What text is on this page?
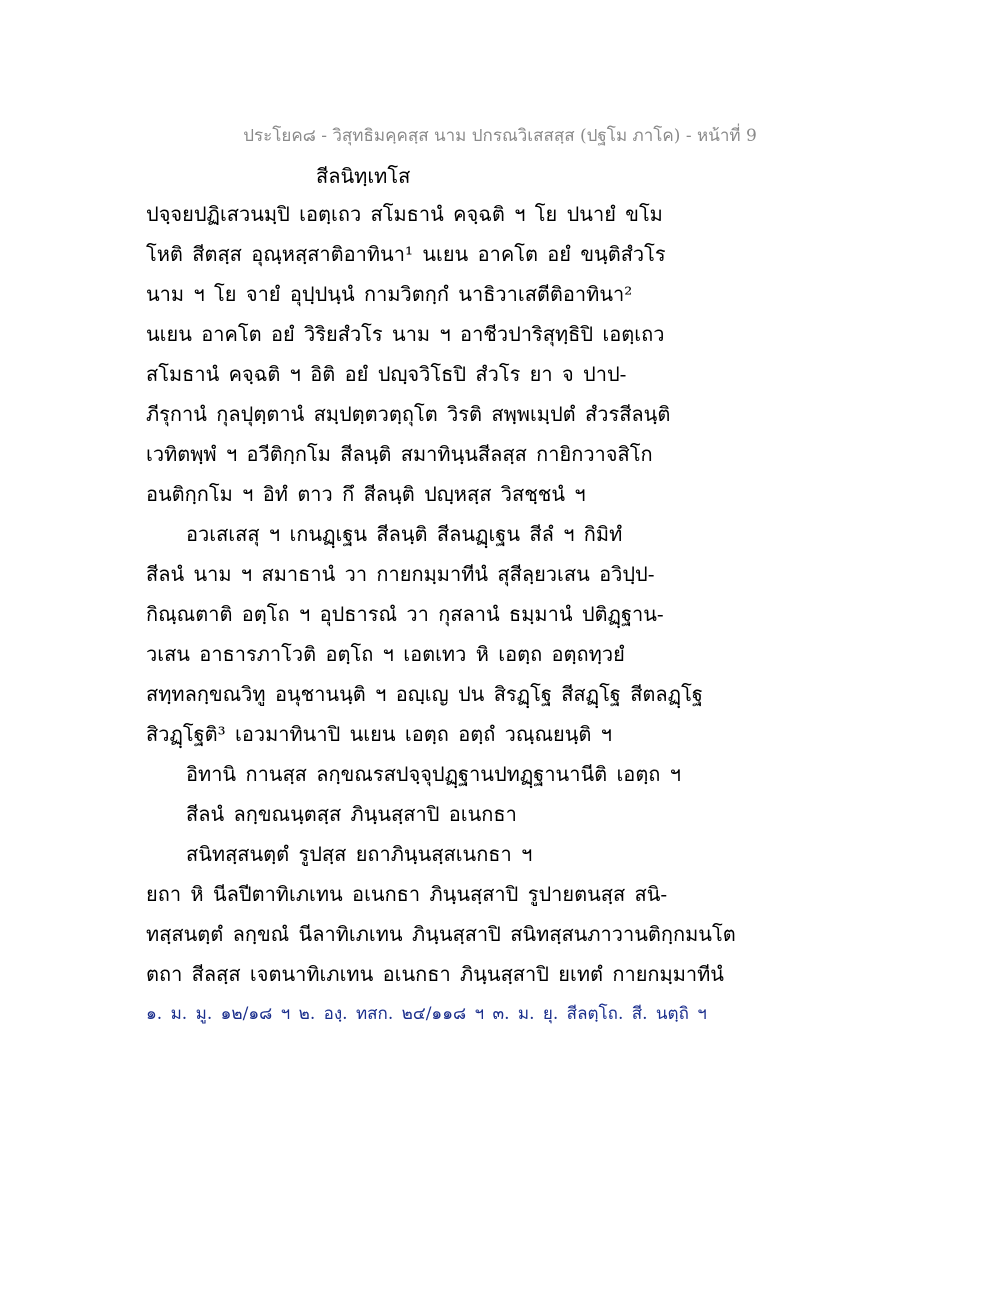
ประโยค๘ - วิสุทธิมคฺคสฺส นาม ปกรณวิเสสสฺส (ปฐโม ภาโค) - หน้าที่ 9
สีลนิทฺเทโส
ปจฺจยปฏิเสวนมฺปิ เอตฺเถว สโมธานํ คจฺฉติ ฯ โย ปนายํ ขโม
โหติ สีตสฺส อุณฺหสฺสาติอาทินา¹ นเยน อาคโต อยํ ขนฺติสํวโร
นาม ฯ โย จายํ อุปฺปนฺนํ กามวิตกฺกํ นาธิวาเสตีติอาทินา²
นเยน อาคโต อยํ วิริยสํวโร นาม ฯ อาชีวปาริสุทฺธิปิ เอตฺเถว
สโมธานํ คจฺฉติ ฯ อิติ อยํ ปญฺจวิโธปิ สํวโร ยา จ ปาป-
ภีรุกานํ กุลปุตฺตานํ สมฺปตฺตวตฺถุโต วิรติ สพฺพเมฺปตํ สํวรสีลนฺติ
เวทิตพฺพํ ฯ อวีติกฺกโม สีลนฺติ สมาทินฺนสีลสฺส กายิกวาจสิโก
อนติกฺกโม ฯ อิทํ ตาว กึ สีลนฺติ ปญฺหสฺส วิสชฺชนํ ฯ
อวเสเสสุ ฯ เกนฏฺเฐน สีลนฺติ สีลนฏฺเฐน สีลํ ฯ กิมิทํ
สีลนํ นาม ฯ สมาธานํ วา กายกมฺมาทีนํ สุสีลฺยวเสน อวิปฺป-
กิณฺณตาติ อตฺโถ ฯ อุปธารณํ วา กุสลานํ ธมฺมานํ ปติฏฺฐาน-
วเสน อาธารภาโวติ อตฺโถ ฯ เอตเทว หิ เอตฺถ อตฺถทฺวยํ
สทฺทลกฺขณวิทู อนุชานนฺติ ฯ อญฺเญ ปน สิรฏฺโฐ สีสฏฺโฐ สีตลฏฺโฐ
สิวฏฺโฐติ³ เอวมาทินาปิ นเยน เอตฺถ อตฺถํ วณฺณยนฺติ ฯ
อิทานิ กานสฺส ลกฺขณรสปจฺจุปฏฺฐานปทฏฺฐานานีติ เอตฺถ ฯ
สีลนํ ลกฺขณนฺตสฺส ภินฺนสฺสาปิ อเนกธา
สนิทสฺสนตฺตํ รูปสฺส ยถาภินฺนสฺสเนกธา ฯ
ยถา หิ นีลปีตาทิเภเทน อเนกธา ภินฺนสฺสาปิ รูปายตนสฺส สนิ-
ทสฺสนตฺตํ ลกฺขณํ นีลาทิเภเทน ภินฺนสฺสาปิ สนิทสฺสนภาวานติกฺกมนโต
ตถา สีลสฺส เจตนาทิเภเทน อเนกธา ภินฺนสฺสาปิ ยเทตํ กายกมฺมาทีนํ
๑. ม. มู. ๑๒/๑๘ ฯ ๒. องฺ. ทสก. ๒๔/๑๑๘ ฯ ๓. ม. ยุ. สีลตฺโถ. สี. นตฺถิ ฯ
